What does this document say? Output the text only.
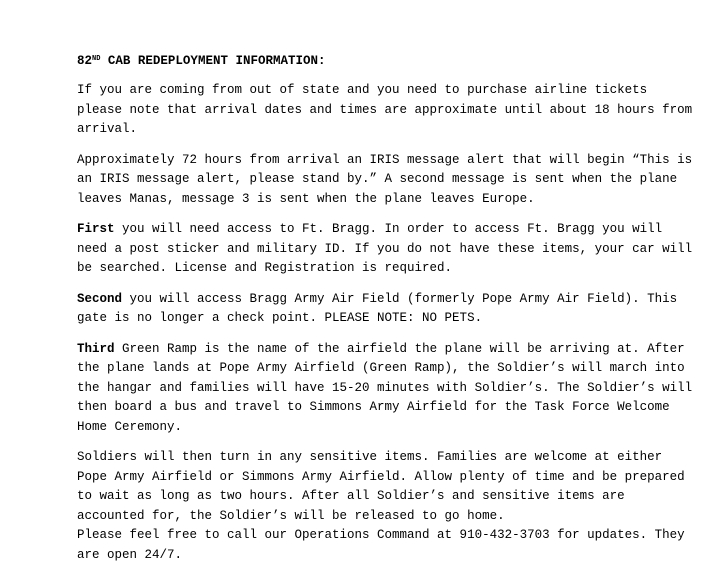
82ND CAB REDEPLOYMENT INFORMATION:
If you are coming from out of state and you need to purchase airline tickets
please note that arrival dates and times are approximate until about 18 hours from
arrival.
Approximately 72 hours from arrival an IRIS message alert that will begin “This is
an IRIS message alert, please stand by.” A second message is sent when the plane
leaves Manas, message 3 is sent when the plane leaves Europe.
First you will need access to Ft. Bragg. In order to access Ft. Bragg you will
need a post sticker and military ID. If you do not have these items, your car will
be searched. License and Registration is required.
Second you will access Bragg Army Air Field (formerly Pope Army Air Field). This
gate is no longer a check point. PLEASE NOTE: NO PETS.
Third Green Ramp is the name of the airfield the plane will be arriving at. After
the plane lands at Pope Army Airfield (Green Ramp), the Soldier’s will march into
the hangar and families will have 15-20 minutes with Soldier’s. The Soldier’s will
then board a bus and travel to Simmons Army Airfield for the Task Force Welcome
Home Ceremony.
Soldiers will then turn in any sensitive items. Families are welcome at either
Pope Army Airfield or Simmons Army Airfield. Allow plenty of time and be prepared
to wait as long as two hours. After all Soldier’s and sensitive items are
accounted for, the Soldier’s will be released to go home.
Please feel free to call our Operations Command at 910-432-3703 for updates. They
are open 24/7.
